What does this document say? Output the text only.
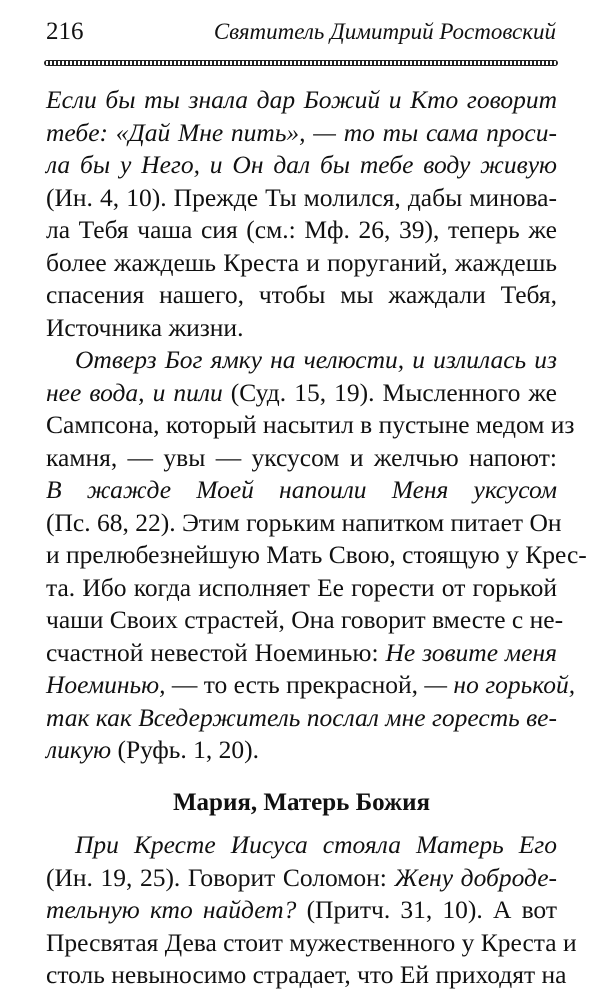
216	Святитель Димитрий Ростовский
Если бы ты знала дар Божий и Кто говорит
тебе: «Дай Мне пить», — то ты сама проси-
ла бы у Него, и Он дал бы тебе воду живую
(Ин. 4, 10). Прежде Ты молился, дабы минова-
ла Тебя чаша сия (см.: Мф. 26, 39), теперь же
более жаждешь Креста и поруганий, жаждешь
спасения нашего, чтобы мы жаждали Тебя,
Источника жизни.
Отверз Бог ямку на челюсти, и излилась из
нее вода, и пили (Суд. 15, 19). Мысленного же
Сампсона, который насытил в пустыне медом из
камня, — увы — уксусом и желчью напоют:
В жажде Моей напоили Меня уксусом
(Пс. 68, 22). Этим горьким напитком питает Он
и прелюбезнейшую Мать Свою, стоящую у Крес-
та. Ибо когда исполняет Ее горести от горькой
чаши Своих страстей, Она говорит вместе с не-
счастной невестой Ноеминью: Не зовите меня
Ноеминью, — то есть прекрасной, — но горькой,
так как Вседержитель послал мне горесть ве-
ликую (Руфь. 1, 20).
Мария, Матерь Божия
При Кресте Иисуса стояла Матерь Его
(Ин. 19, 25). Говорит Соломон: Жену доброде-
тельную кто найдет? (Притч. 31, 10). А вот
Пресвятая Дева стоит мужественного у Креста и
столь невыносимо страдает, что Ей приходят на
